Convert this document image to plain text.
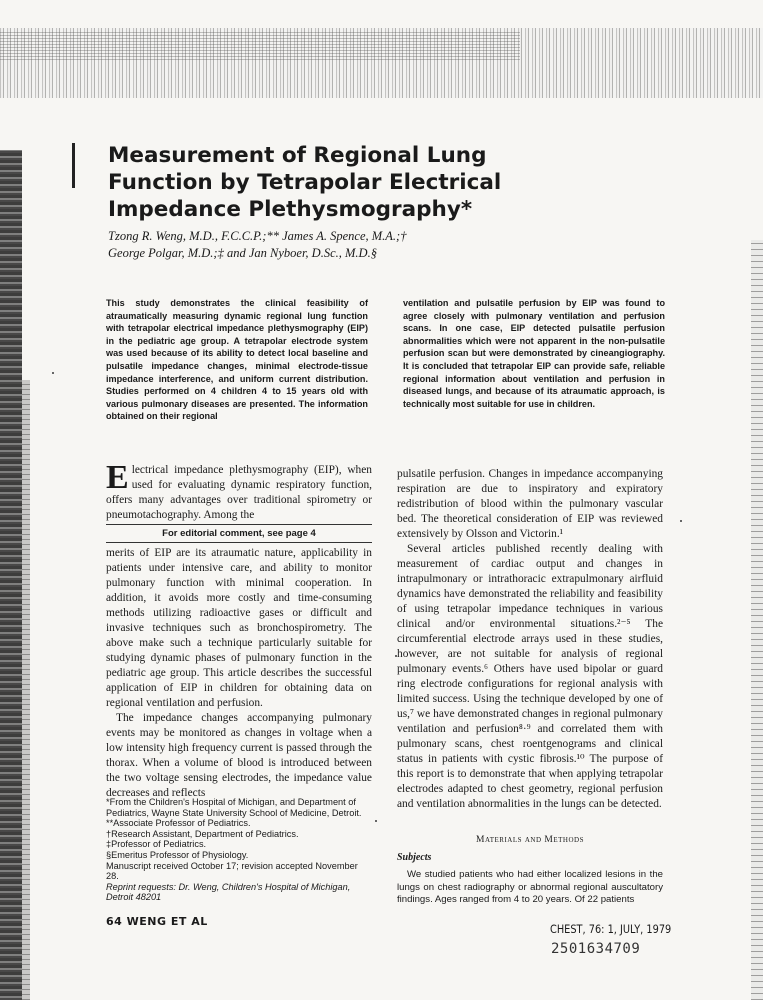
Measurement of Regional Lung Function by Tetrapolar Electrical Impedance Plethysmography*
Tzong R. Weng, M.D., F.C.C.P.;** James A. Spence, M.A.;†
George Polgar, M.D.;‡ and Jan Nyboer, D.Sc., M.D.§
This study demonstrates the clinical feasibility of atraumatically measuring dynamic regional lung function with tetrapolar electrical impedance plethysmography (EIP) in the pediatric age group. A tetrapolar electrode system was used because of its ability to detect local baseline and pulsatile impedance changes, minimal electrode-tissue impedance interference, and uniform current distribution. Studies performed on 4 children 4 to 15 years old with various pulmonary diseases are presented. The information obtained on their regional
ventilation and pulsatile perfusion by EIP was found to agree closely with pulmonary ventilation and perfusion scans. In one case, EIP detected pulsatile perfusion abnormalities which were not apparent in the non-pulsatile perfusion scan but were demonstrated by cineangiography. It is concluded that tetrapolar EIP can provide safe, reliable regional information about ventilation and perfusion in diseased lungs, and because of its atraumatic approach, is technically most suitable for use in children.
Electrical impedance plethysmography (EIP), when used for evaluating dynamic respiratory function, offers many advantages over traditional spirometry or pneumotachography. Among the
For editorial comment, see page 4

merits of EIP are its atraumatic nature, applicability in patients under intensive care, and ability to monitor pulmonary function with minimal cooperation. In addition, it avoids more costly and time-consuming methods utilizing radioactive gases or difficult and invasive techniques such as bronchospirometry. The above make such a technique particularly suitable for studying dynamic phases of pulmonary function in the pediatric age group. This article describes the successful application of EIP in children for obtaining data on regional ventilation and perfusion.

The impedance changes accompanying pulmonary events may be monitored as changes in voltage when a low intensity high frequency current is passed through the thorax. When a volume of blood is introduced between the two voltage sensing electrodes, the impedance value decreases and reflects

*From the Children's Hospital of Michigan, and Department of Pediatrics, Wayne State University School of Medicine, Detroit.
**Associate Professor of Pediatrics.
†Research Assistant, Department of Pediatrics.
‡Professor of Pediatrics.
§Emeritus Professor of Physiology.
Manuscript received October 17; revision accepted November 28.
Reprint requests: Dr. Weng, Children's Hospital of Michigan, Detroit 48201

pulsatile perfusion. Changes in impedance accompanying respiration are due to inspiratory and expiratory redistribution of blood within the pulmonary vascular bed. The theoretical consideration of EIP was reviewed extensively by Olsson and Victorin.¹

Several articles published recently dealing with measurement of cardiac output and changes in intrapulmonary or intrathoracic extrapulmonary airfluid dynamics have demonstrated the reliability and feasibility of using tetrapolar impedance techniques in various clinical and/or environmental situations.²⁻⁵ The circumferential electrode arrays used in these studies, however, are not suitable for analysis of regional pulmonary events.⁶ Others have used bipolar or guard ring electrode configurations for regional analysis with limited success. Using the technique developed by one of us,⁷ we have demonstrated changes in regional pulmonary ventilation and perfusion⁸·⁹ and correlated them with pulmonary scans, chest roentgenograms and clinical status in patients with cystic fibrosis.¹⁰ The purpose of this report is to demonstrate that when applying tetrapolar electrodes adapted to chest geometry, regional perfusion and ventilation abnormalities in the lungs can be detected.

Materials and Methods
Subjects
We studied patients who had either localized lesions in the lungs on chest radiography or abnormal regional auscultatory findings. Ages ranged from 4 to 20 years. Of 22 patients
64 WENG ET AL
CHEST, 76: 1, JULY, 1979
2501634709
